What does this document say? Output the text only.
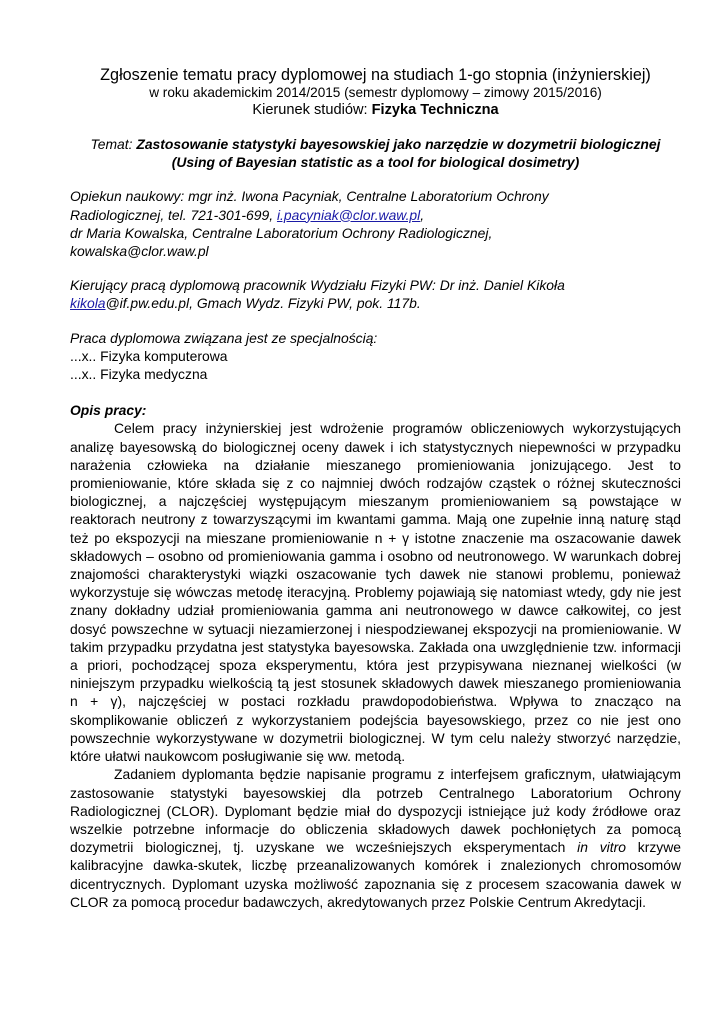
Zgłoszenie tematu pracy dyplomowej na studiach 1-go stopnia (inżynierskiej)

w roku akademickim 2014/2015 (semestr dyplomowy – zimowy 2015/2016)

Kierunek studiów: Fizyka Techniczna

Temat: Zastosowanie statystyki bayesowskiej jako narzędzie w dozymetrii biologicznej
(Using of Bayesian statistic as a tool for biological dosimetry)
Opiekun naukowy: mgr inż. Iwona Pacyniak, Centralne Laboratorium Ochrony
Radiologicznej, tel. 721-301-699, i.pacyniak@clor.waw.pl,
dr Maria Kowalska, Centralne Laboratorium Ochrony Radiologicznej,
kowalska@clor.waw.pl
Kierujący pracą dyplomową pracownik Wydziału Fizyki PW: Dr inż. Daniel Kikoła
kikola@if.pw.edu.pl, Gmach Wydz. Fizyki PW, pok. 117b.
Praca dyplomowa związana jest ze specjalnością:
...x.. Fizyka komputerowa
...x.. Fizyka medyczna
Opis pracy:

Celem pracy inżynierskiej jest wdrożenie programów obliczeniowych wykorzystujących analizę bayesowską do biologicznej oceny dawek i ich statystycznych niepewności w przypadku narażenia człowieka na działanie mieszanego promieniowania jonizującego. Jest to promieniowanie, które składa się z co najmniej dwóch rodzajów cząstek o różnej skuteczności biologicznej, a najczęściej występującym mieszanym promieniowaniem są powstające w reaktorach neutrony z towarzyszącymi im kwantami gamma. Mają one zupełnie inną naturę stąd też po ekspozycji na mieszane promieniowanie n + γ istotne znaczenie ma oszacowanie dawek składowych – osobno od promieniowania gamma i osobno od neutronowego. W warunkach dobrej znajomości charakterystyki wiązki oszacowanie tych dawek nie stanowi problemu, ponieważ wykorzystuje się wówczas metodę iteracyjną. Problemy pojawiają się natomiast wtedy, gdy nie jest znany dokładny udział promieniowania gamma ani neutronowego w dawce całkowitej, co jest dosyć powszechne w sytuacji niezamierzonej i niespodziewanej ekspozycji na promieniowanie. W takim przypadku przydatna jest statystyka bayesowska. Zakłada ona uwzględnienie tzw. informacji a priori, pochodzącej spoza eksperymentu, która jest przypisywana nieznanej wielkości (w niniejszym przypadku wielkością tą jest stosunek składowych dawek mieszanego promieniowania n + γ), najczęściej w postaci rozkładu prawdopodobieństwa. Wpływa to znacząco na skomplikowanie obliczeń z wykorzystaniem podejścia bayesowskiego, przez co nie jest ono powszechnie wykorzystywane w dozymetrii biologicznej. W tym celu należy stworzyć narzędzie, które ułatwi naukowcom posługiwanie się ww. metodą.

Zadaniem dyplomanta będzie napisanie programu z interfejsem graficznym, ułatwiającym zastosowanie statystyki bayesowskiej dla potrzeb Centralnego Laboratorium Ochrony Radiologicznej (CLOR). Dyplomant będzie miał do dyspozycji istniejące już kody źródłowe oraz wszelkie potrzebne informacje do obliczenia składowych dawek pochłoniętych za pomocą dozymetrii biologicznej, tj. uzyskane we wcześniejszych eksperymentach in vitro krzywe kalibracyjne dawka-skutek, liczbę przeanalizowanych komórek i znalezionych chromosomów dicentrycznych. Dyplomant uzyska możliwość zapoznania się z procesem szacowania dawek w CLOR za pomocą procedur badawczych, akredytowanych przez Polskie Centrum Akredytacji.
